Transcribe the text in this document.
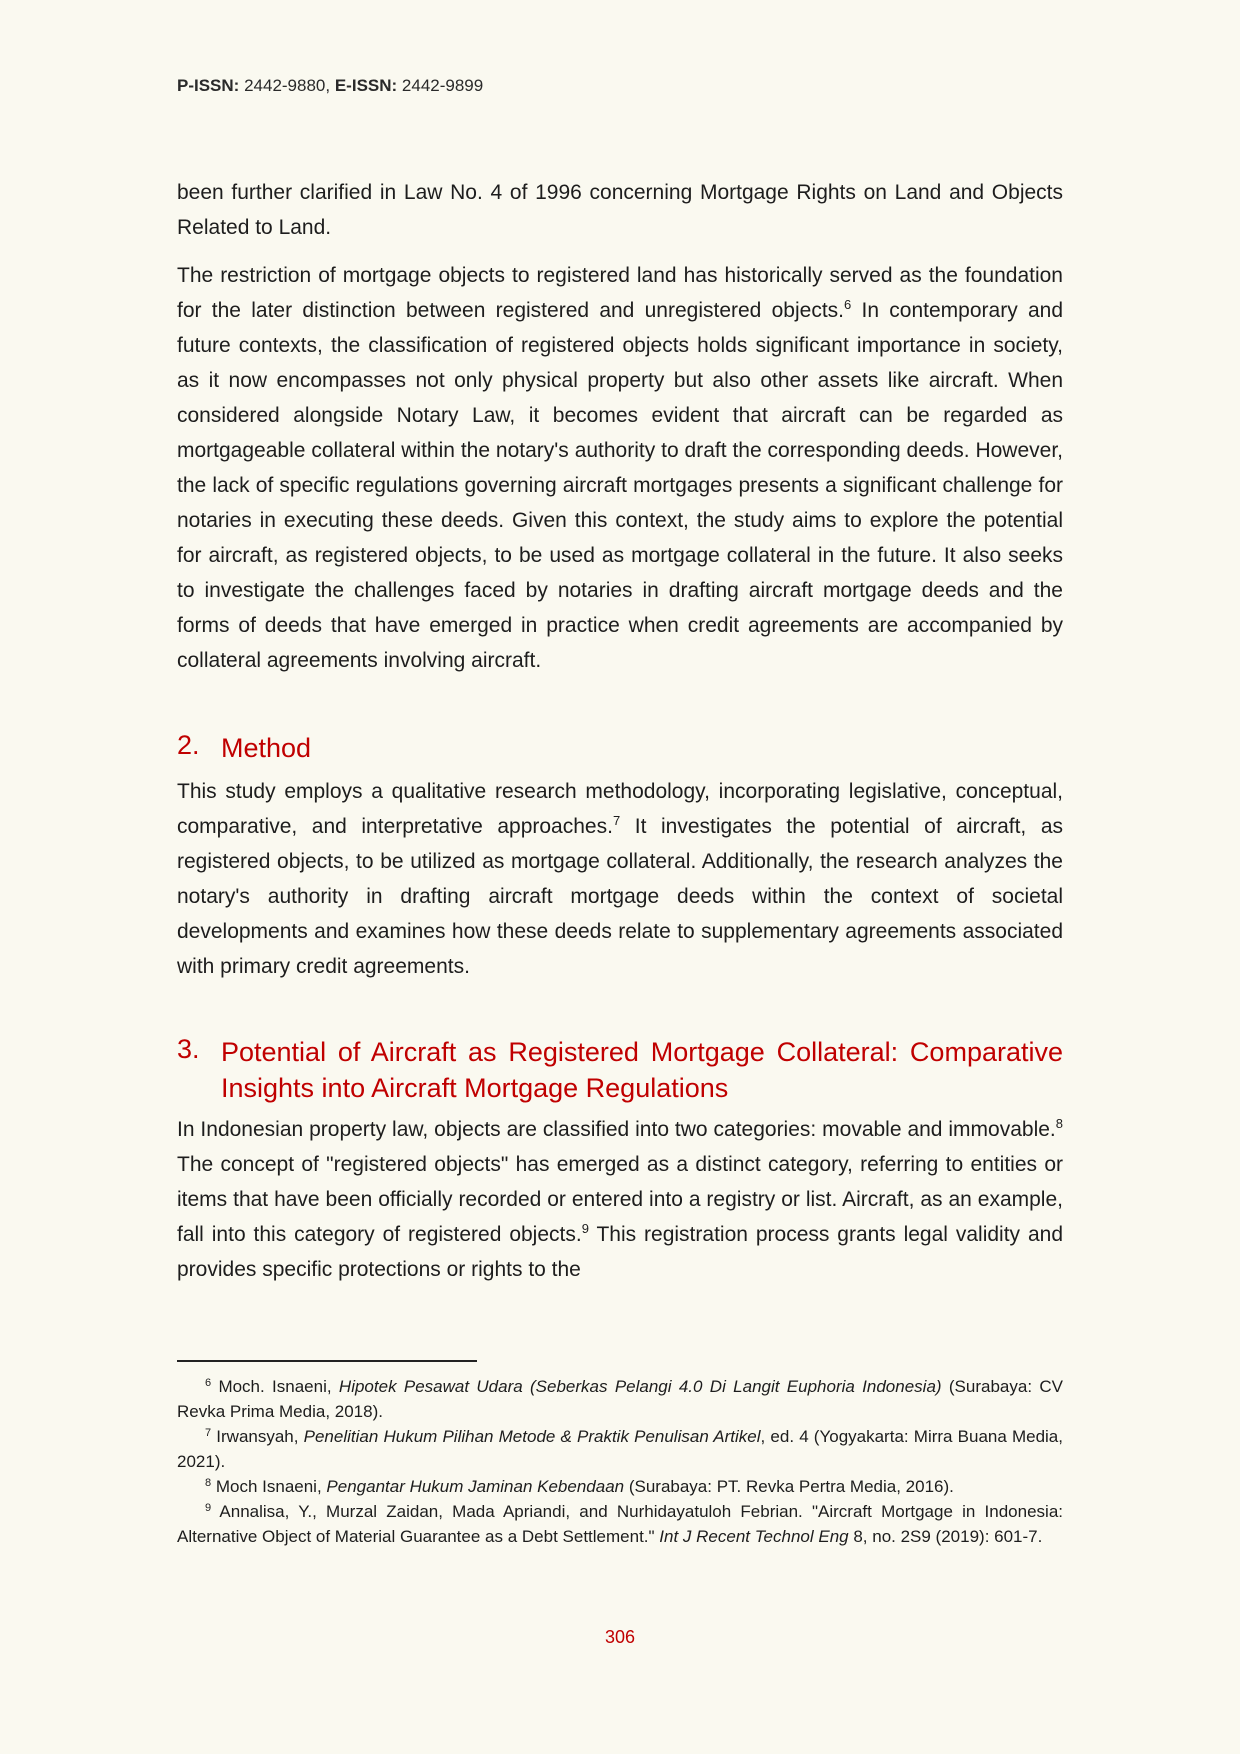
P-ISSN: 2442-9880, E-ISSN: 2442-9899

been further clarified in Law No. 4 of 1996 concerning Mortgage Rights on Land and Objects Related to Land.

The restriction of mortgage objects to registered land has historically served as the foundation for the later distinction between registered and unregistered objects.$^6$ In contemporary and future contexts, the classification of registered objects holds significant importance in society, as it now encompasses not only physical property but also other assets like aircraft. When considered alongside Notary Law, it becomes evident that aircraft can be regarded as mortgageable collateral within the notary's authority to draft the corresponding deeds. However, the lack of specific regulations governing aircraft mortgages presents a significant challenge for notaries in executing these deeds. Given this context, the study aims to explore the potential for aircraft, as registered objects, to be used as mortgage collateral in the future. It also seeks to investigate the challenges faced by notaries in drafting aircraft mortgage deeds and the forms of deeds that have emerged in practice when credit agreements are accompanied by collateral agreements involving aircraft.

2. Method

This study employs a qualitative research methodology, incorporating legislative, conceptual, comparative, and interpretative approaches.$^7$ It investigates the potential of aircraft, as registered objects, to be utilized as mortgage collateral. Additionally, the research analyzes the notary's authority in drafting aircraft mortgage deeds within the context of societal developments and examines how these deeds relate to supplementary agreements associated with primary credit agreements.

3. Potential of Aircraft as Registered Mortgage Collateral: Comparative Insights into Aircraft Mortgage Regulations

In Indonesian property law, objects are classified into two categories: movable and immovable.$^8$ The concept of "registered objects" has emerged as a distinct category, referring to entities or items that have been officially recorded or entered into a registry or list. Aircraft, as an example, fall into this category of registered objects.$^9$ This registration process grants legal validity and provides specific protections or rights to the

$^6$ Moch. Isnaeni, Hipotek Pesawat Udara (Seberkas Pelangi 4.0 Di Langit Euphoria Indonesia) (Surabaya: CV Revka Prima Media, 2018).

$^7$ Irwansyah, Penelitian Hukum Pilihan Metode & Praktik Penulisan Artikel, ed. 4 (Yogyakarta: Mirra Buana Media, 2021).

$^8$ Moch Isnaeni, Pengantar Hukum Jaminan Kebendaan (Surabaya: PT. Revka Pertra Media, 2016).

$^9$ Annalisa, Y., Murzal Zaidan, Mada Apriandi, and Nurhidayatuloh Febrian. "Aircraft Mortgage in Indonesia: Alternative Object of Material Guarantee as a Debt Settlement." Int J Recent Technol Eng 8, no. 2S9 (2019): 601-7.

306
